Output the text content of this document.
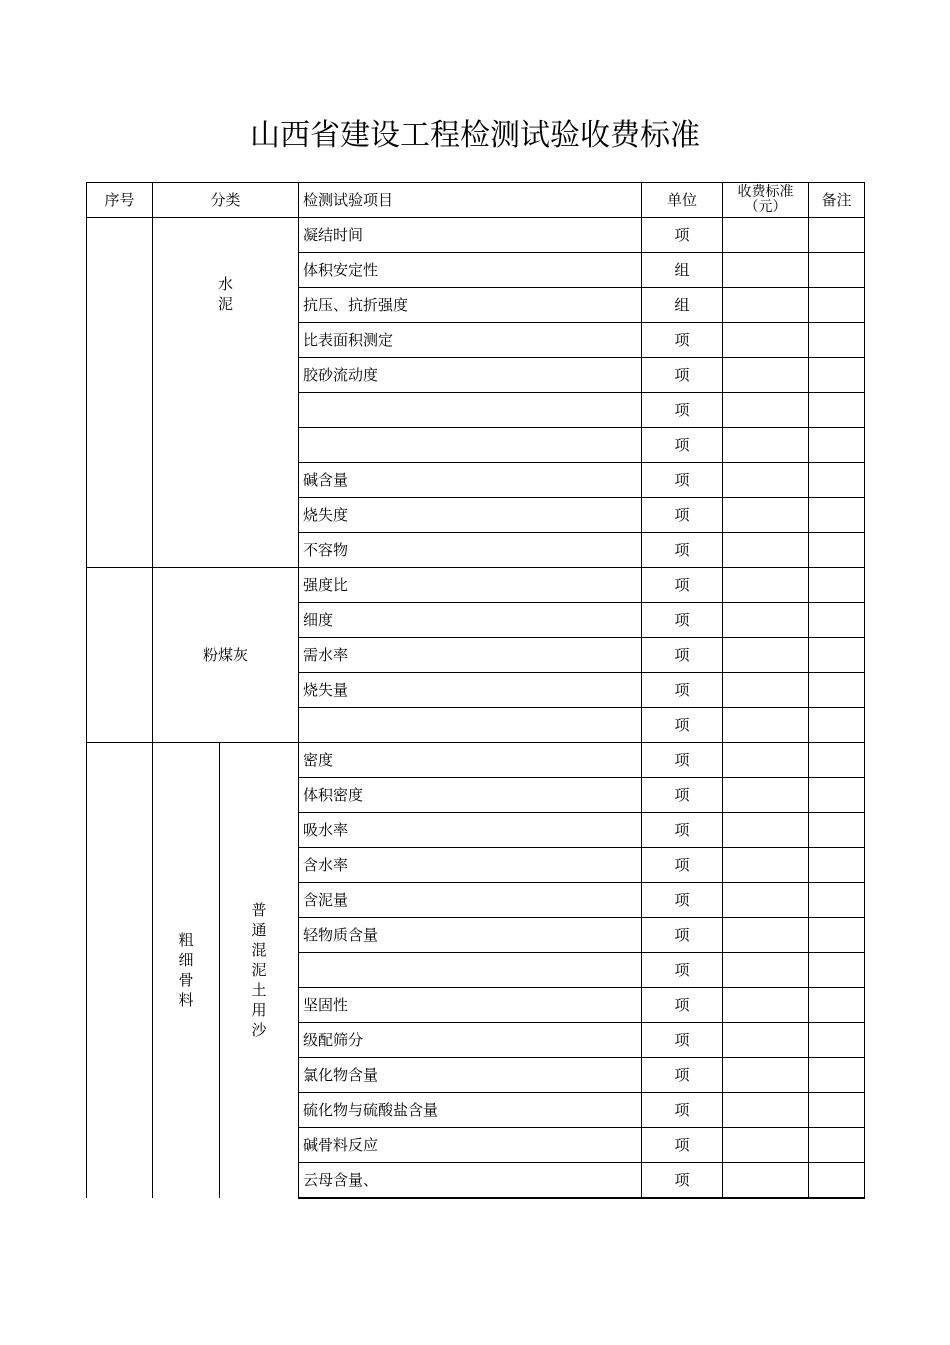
山西省建设工程检测试验收费标准
序号	分类		检测试验项目	单位	收费标准（元）	备注
	水泥		凝结时间	项		
			体积安定性	组		
			抗压、抗折强度	组		
			比表面积测定	项		
			胶砂流动度	项		
				项		
				项		
			碱含量	项		
			烧失度	项		
			不容物	项		
	粉煤灰		强度比	项		
			细度	项		
			需水率	项		
			烧失量	项		
				项		
	粗细骨料	普通混泥土用沙	密度	项		
			体积密度	项		
			吸水率	项		
			含水率	项		
			含泥量	项		
			轻物质含量	项		
				项		
			坚固性	项		
			级配筛分	项		
			氯化物含量	项		
			硫化物与硫酸盐含量	项		
			碱骨料反应	项		
			云母含量、	项		
